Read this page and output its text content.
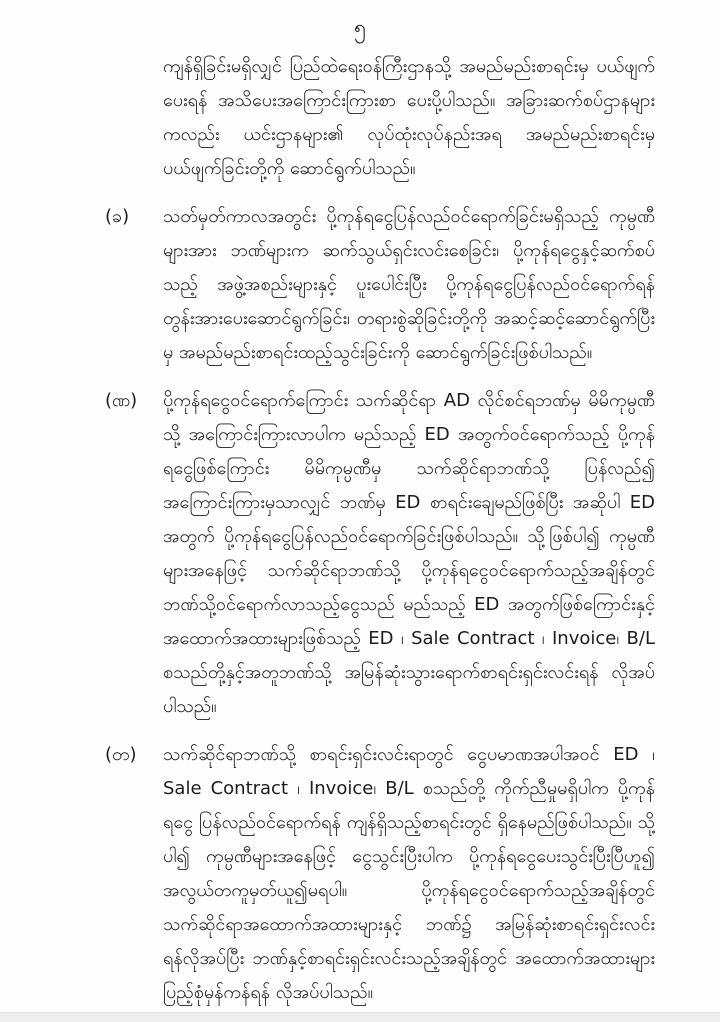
၅
ကျန်ရှိခြင်းမရှိလျှင် ပြည်ထဲရေးဝန်ကြီးဌာနသို့ အမည်မည်းစာရင်းမှ ပယ်ဖျက်ပေးရန် အသိပေးအကြောင်းကြားစာ ပေးပို့ပါသည်။ အခြားဆက်စပ်ဌာနများကလည်း ယင်းဌာနများ၏ လုပ်ထုံးလုပ်နည်းအရ အမည်မည်းစာရင်းမှ ပယ်ဖျက်ခြင်းတို့ကို ဆောင်ရွက်ပါသည်။
(ခ)	သတ်မှတ်ကာလအတွင်း ပို့ကုန်ရငွေပြန်လည်ဝင်ရောက်ခြင်းမရှိသည့် ကုမ္ပဏီများအား ဘဏ်များက ဆက်သွယ်ရှင်းလင်းစေခြင်း၊ ပို့ကုန်ရငွေနှင့်ဆက်စပ်သည့် အဖွဲ့အစည်းများနှင့် ပူးပေါင်းပြီး ပို့ကုန်ရငွေပြန်လည်ဝင်ရောက်ရန် တွန်းအားပေးဆောင်ရွက်ခြင်း၊ တရားစွဲဆိုခြင်းတို့ကို အဆင့်ဆင့်ဆောင်ရွက်ပြီးမှ အမည်မည်းစာရင်းထည့်သွင်းခြင်းကို ဆောင်ရွက်ခြင်းဖြစ်ပါသည်။
(ဏ)	ပို့ကုန်ရငွေဝင်ရောက်ကြောင်း သက်ဆိုင်ရာ AD လိုင်စင်ရဘဏ်မှ မိမိကုမ္ပဏီသို့ အကြောင်းကြားလာပါက မည်သည့် ED အတွက်ဝင်ရောက်သည့် ပို့ကုန်ရငွေဖြစ်ကြောင်း မိမိကုမ္ပဏီမှ သက်ဆိုင်ရာဘဏ်သို့ ပြန်လည်၍ အကြောင်းကြားမှသာလျှင် ဘဏ်မှ ED စာရင်းချေမည်ဖြစ်ပြီး အဆိုပါ ED အတွက် ပို့ကုန်ရငွေပြန်လည်ဝင်ရောက်ခြင်းဖြစ်ပါသည်။ သို့ဖြစ်ပါ၍ ကုမ္ပဏီများအနေဖြင့် သက်ဆိုင်ရာဘဏ်သို့ ပို့ကုန်ရငွေဝင်ရောက်သည့်အချိန်တွင် ဘဏ်သို့ဝင်ရောက်လာသည့်ငွေသည် မည်သည့် ED အတွက်ဖြစ်ကြောင်းနှင့် အထောက်အထားများဖြစ်သည့် ED ၊ Sale Contract ၊ Invoice၊ B/L စသည်တို့နှင့်အတူဘဏ်သို့ အမြန်ဆုံးသွားရောက်စာရင်းရှင်းလင်းရန် လိုအပ်ပါသည်။
(တ)	သက်ဆိုင်ရာဘဏ်သို့ စာရင်းရှင်းလင်းရာတွင် ငွေပမာဏအပါအဝင် ED ၊ Sale Contract ၊ Invoice၊ B/L စသည်တို့ ကိုက်ညီမှုမရှိပါက ပို့ကုန်ရငွေ ပြန်လည်ဝင်ရောက်ရန် ကျန်ရှိသည့်စာရင်းတွင် ရှိနေမည်ဖြစ်ပါသည်။ သို့ပါ၍ ကုမ္ပဏီများအနေဖြင့် ငွေသွင်းပြီးပါက ပို့ကုန်ရငွေပေးသွင်းပြီးပြီဟူ၍ အလွယ်တကူမှတ်ယူ၍မရပါ။ ပို့ကုန်ရငွေဝင်ရောက်သည့်အချိန်တွင် သက်ဆိုင်ရာအထောက်အထားများနှင့် ဘဏ်၌ အမြန်ဆုံးစာရင်းရှင်းလင်းရန်လိုအပ်ပြီး ဘဏ်နှင့်စာရင်းရှင်းလင်းသည့်အချိန်တွင် အထောက်အထားများ ပြည့်စုံမှန်ကန်ရန် လိုအပ်ပါသည်။
